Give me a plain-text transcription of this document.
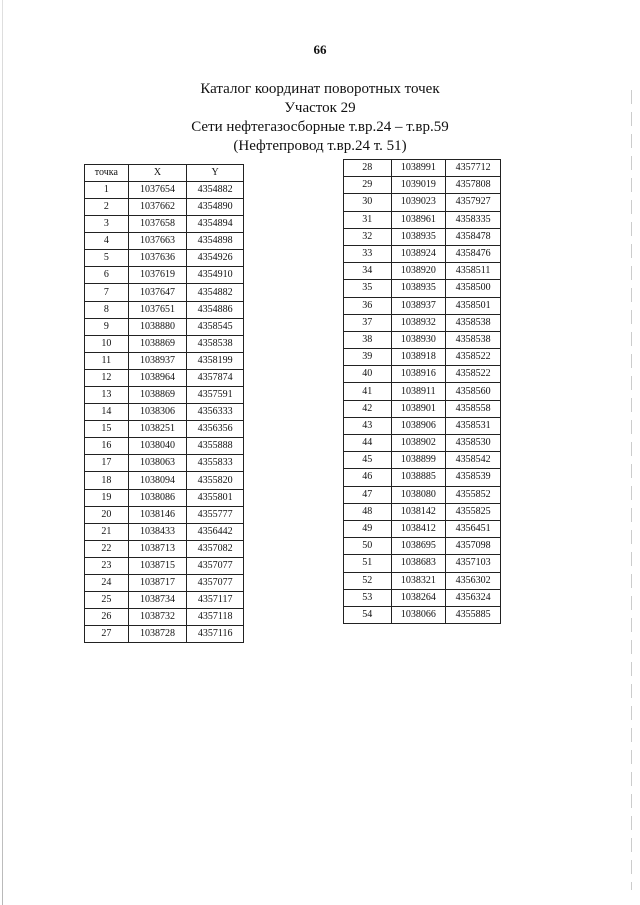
66
Каталог координат поворотных точек
Участок 29
Сети нефтегазосборные т.вр.24 – т.вр.59
(Нефтепровод т.вр.24 т. 51)
точка	X	Y
1	1037654	4354882
2	1037662	4354890
3	1037658	4354894
4	1037663	4354898
5	1037636	4354926
6	1037619	4354910
7	1037647	4354882
8	1037651	4354886
9	1038880	4358545
10	1038869	4358538
11	1038937	4358199
12	1038964	4357874
13	1038869	4357591
14	1038306	4356333
15	1038251	4356356
16	1038040	4355888
17	1038063	4355833
18	1038094	4355820
19	1038086	4355801
20	1038146	4355777
21	1038433	4356442
22	1038713	4357082
23	1038715	4357077
24	1038717	4357077
25	1038734	4357117
26	1038732	4357118
27	1038728	4357116
28	1038991	4357712
29	1039019	4357808
30	1039023	4357927
31	1038961	4358335
32	1038935	4358478
33	1038924	4358476
34	1038920	4358511
35	1038935	4358500
36	1038937	4358501
37	1038932	4358538
38	1038930	4358538
39	1038918	4358522
40	1038916	4358522
41	1038911	4358560
42	1038901	4358558
43	1038906	4358531
44	1038902	4358530
45	1038899	4358542
46	1038885	4358539
47	1038080	4355852
48	1038142	4355825
49	1038412	4356451
50	1038695	4357098
51	1038683	4357103
52	1038321	4356302
53	1038264	4356324
54	1038066	4355885
